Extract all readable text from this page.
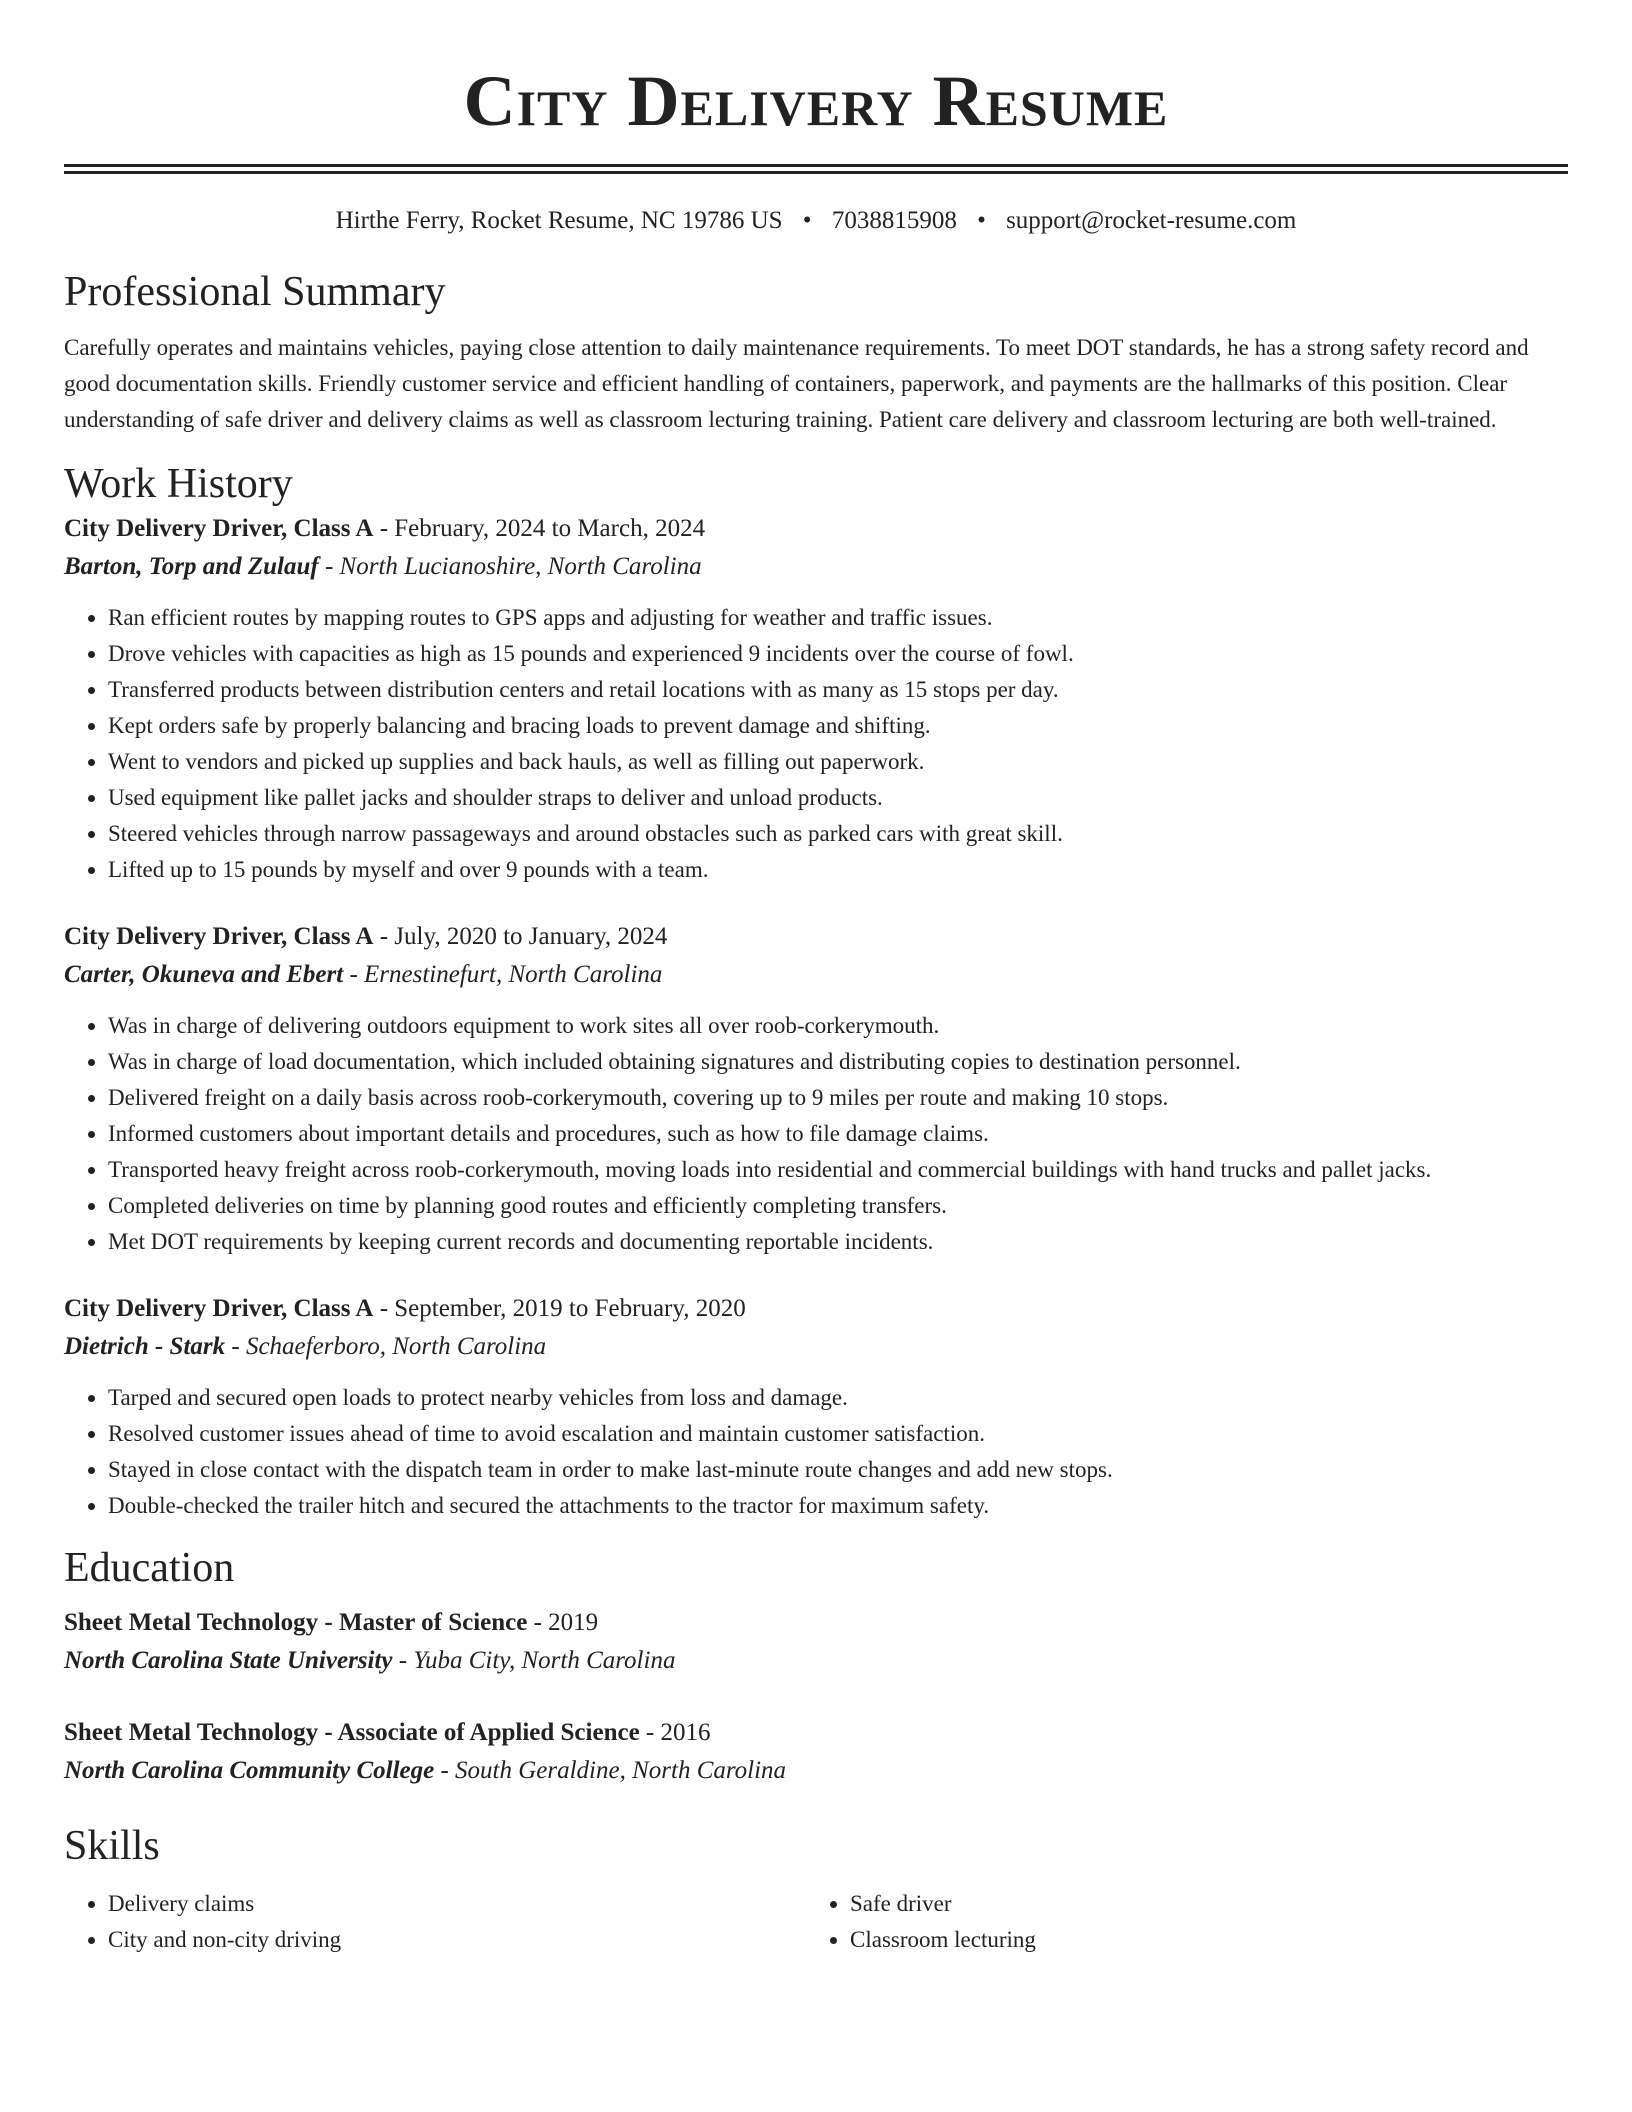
City Delivery Resume
Hirthe Ferry, Rocket Resume, NC 19786 US • 7038815908 • support@rocket-resume.com
Professional Summary

Carefully operates and maintains vehicles, paying close attention to daily maintenance requirements. To meet DOT standards, he has a strong safety record and good documentation skills. Friendly customer service and efficient handling of containers, paperwork, and payments are the hallmarks of this position. Clear understanding of safe driver and delivery claims as well as classroom lecturing training. Patient care delivery and classroom lecturing are both well-trained.

Work History
City Delivery Driver, Class A - February, 2024 to March, 2024
Barton, Torp and Zulauf - North Lucianoshire, North Carolina
• Ran efficient routes by mapping routes to GPS apps and adjusting for weather and traffic issues.
• Drove vehicles with capacities as high as 15 pounds and experienced 9 incidents over the course of fowl.
• Transferred products between distribution centers and retail locations with as many as 15 stops per day.
• Kept orders safe by properly balancing and bracing loads to prevent damage and shifting.
• Went to vendors and picked up supplies and back hauls, as well as filling out paperwork.
• Used equipment like pallet jacks and shoulder straps to deliver and unload products.
• Steered vehicles through narrow passageways and around obstacles such as parked cars with great skill.
• Lifted up to 15 pounds by myself and over 9 pounds with a team.
City Delivery Driver, Class A - July, 2020 to January, 2024
Carter, Okuneva and Ebert - Ernestinefurt, North Carolina
• Was in charge of delivering outdoors equipment to work sites all over roob-corkerymouth.
• Was in charge of load documentation, which included obtaining signatures and distributing copies to destination personnel.
• Delivered freight on a daily basis across roob-corkerymouth, covering up to 9 miles per route and making 10 stops.
• Informed customers about important details and procedures, such as how to file damage claims.
• Transported heavy freight across roob-corkerymouth, moving loads into residential and commercial buildings with hand trucks and pallet jacks.
• Completed deliveries on time by planning good routes and efficiently completing transfers.
• Met DOT requirements by keeping current records and documenting reportable incidents.
City Delivery Driver, Class A - September, 2019 to February, 2020
Dietrich - Stark - Schaeferboro, North Carolina
• Tarped and secured open loads to protect nearby vehicles from loss and damage.
• Resolved customer issues ahead of time to avoid escalation and maintain customer satisfaction.
• Stayed in close contact with the dispatch team in order to make last-minute route changes and add new stops.
• Double-checked the trailer hitch and secured the attachments to the tractor for maximum safety.
Education
Sheet Metal Technology - Master of Science - 2019
North Carolina State University - Yuba City, North Carolina
Sheet Metal Technology - Associate of Applied Science - 2016
North Carolina Community College - South Geraldine, North Carolina
Skills
• Delivery claims
• City and non-city driving
• Safe driver
• Classroom lecturing
